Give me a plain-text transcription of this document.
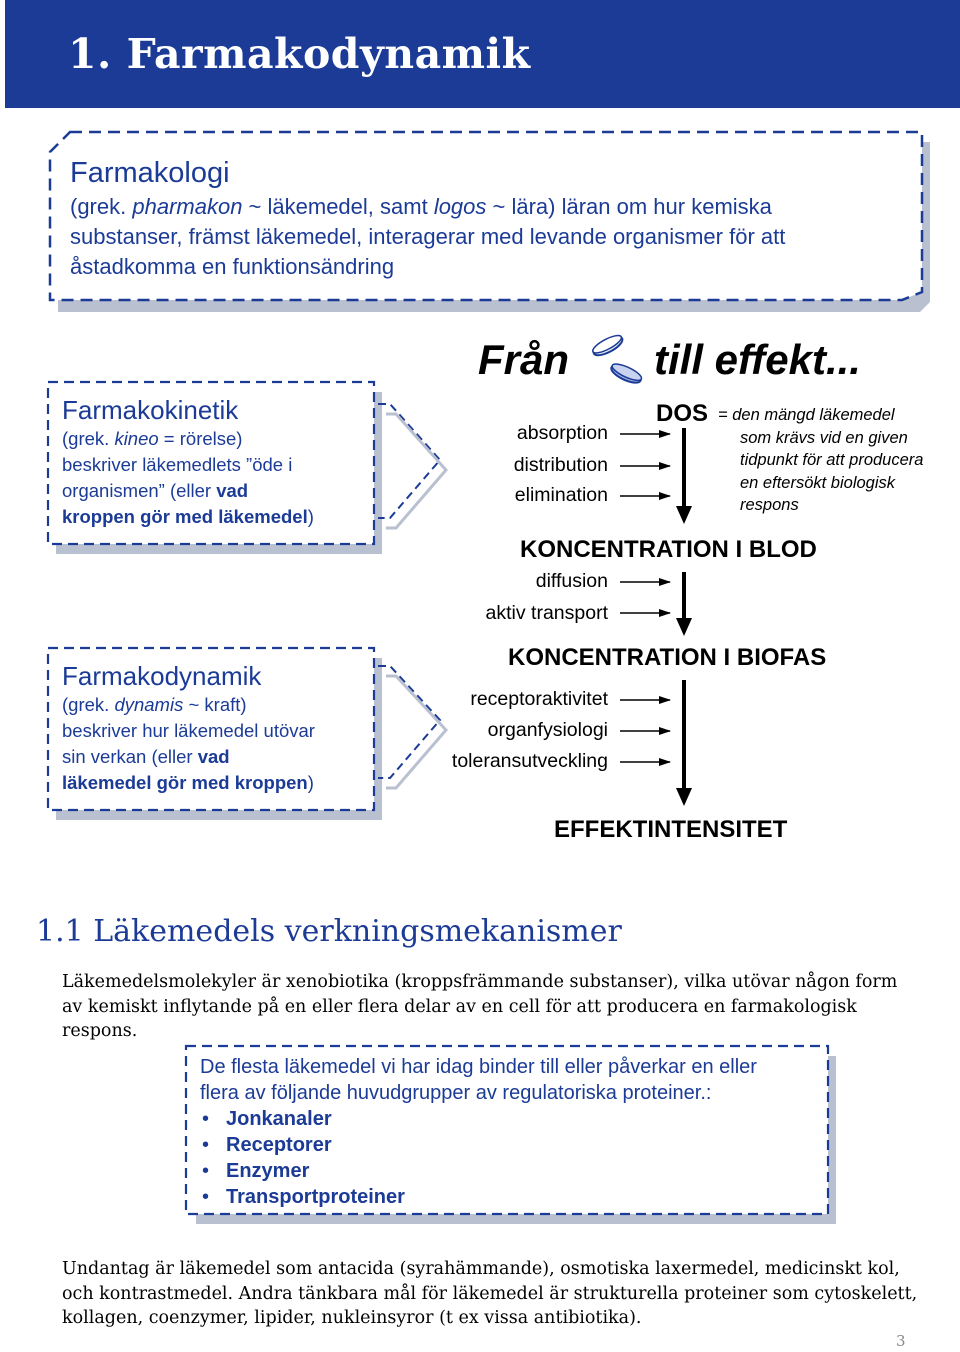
1. Farmakodynamik
Farmakologi
(grek. pharmakon ~ läkemedel, samt logos ~ lära) läran om hur kemiska
substanser, främst läkemedel, interagerar med levande organismer för att
åstadkomma en funktionsändring
Farmakokinetik
(grek. kineo = rörelse)
beskriver läkemedlets ”öde i
organismen” (eller vad
kroppen gör med läkemedel)
Farmakodynamik
(grek. dynamis ~ kraft)
beskriver hur läkemedel utövar
sin verkan (eller vad
läkemedel gör med kroppen)
Från till effekt...
DOS = den mängd läkemedel
som krävs vid en given
tidpunkt för att producera
en eftersökt biologisk
respons
absorption
distribution
elimination
KONCENTRATION I BLOD
diffusion
aktiv transport
KONCENTRATION I BIOFAS
receptoraktivitet
organfysiologi
toleransutveckling
EFFEKTINTENSITET
1.1 Läkemedels verkningsmekanismer
Läkemedelsmolekyler är xenobiotika (kroppsfrämmande substanser), vilka utövar någon form
av kemiskt inflytande på en eller flera delar av en cell för att producera en farmakologisk
respons.
De flesta läkemedel vi har idag binder till eller påverkar en eller
flera av följande huvudgrupper av regulatoriska proteiner.:
• Jonkanaler
• Receptorer
• Enzymer
• Transportproteiner
Undantag är läkemedel som antacida (syrahämmande), osmotiska laxermedel, medicinskt kol,
och kontrastmedel. Andra tänkbara mål för läkemedel är strukturella proteiner som cytoskelett,
kollagen, coenzymer, lipider, nukleinsyror (t ex vissa antibiotika).
3
